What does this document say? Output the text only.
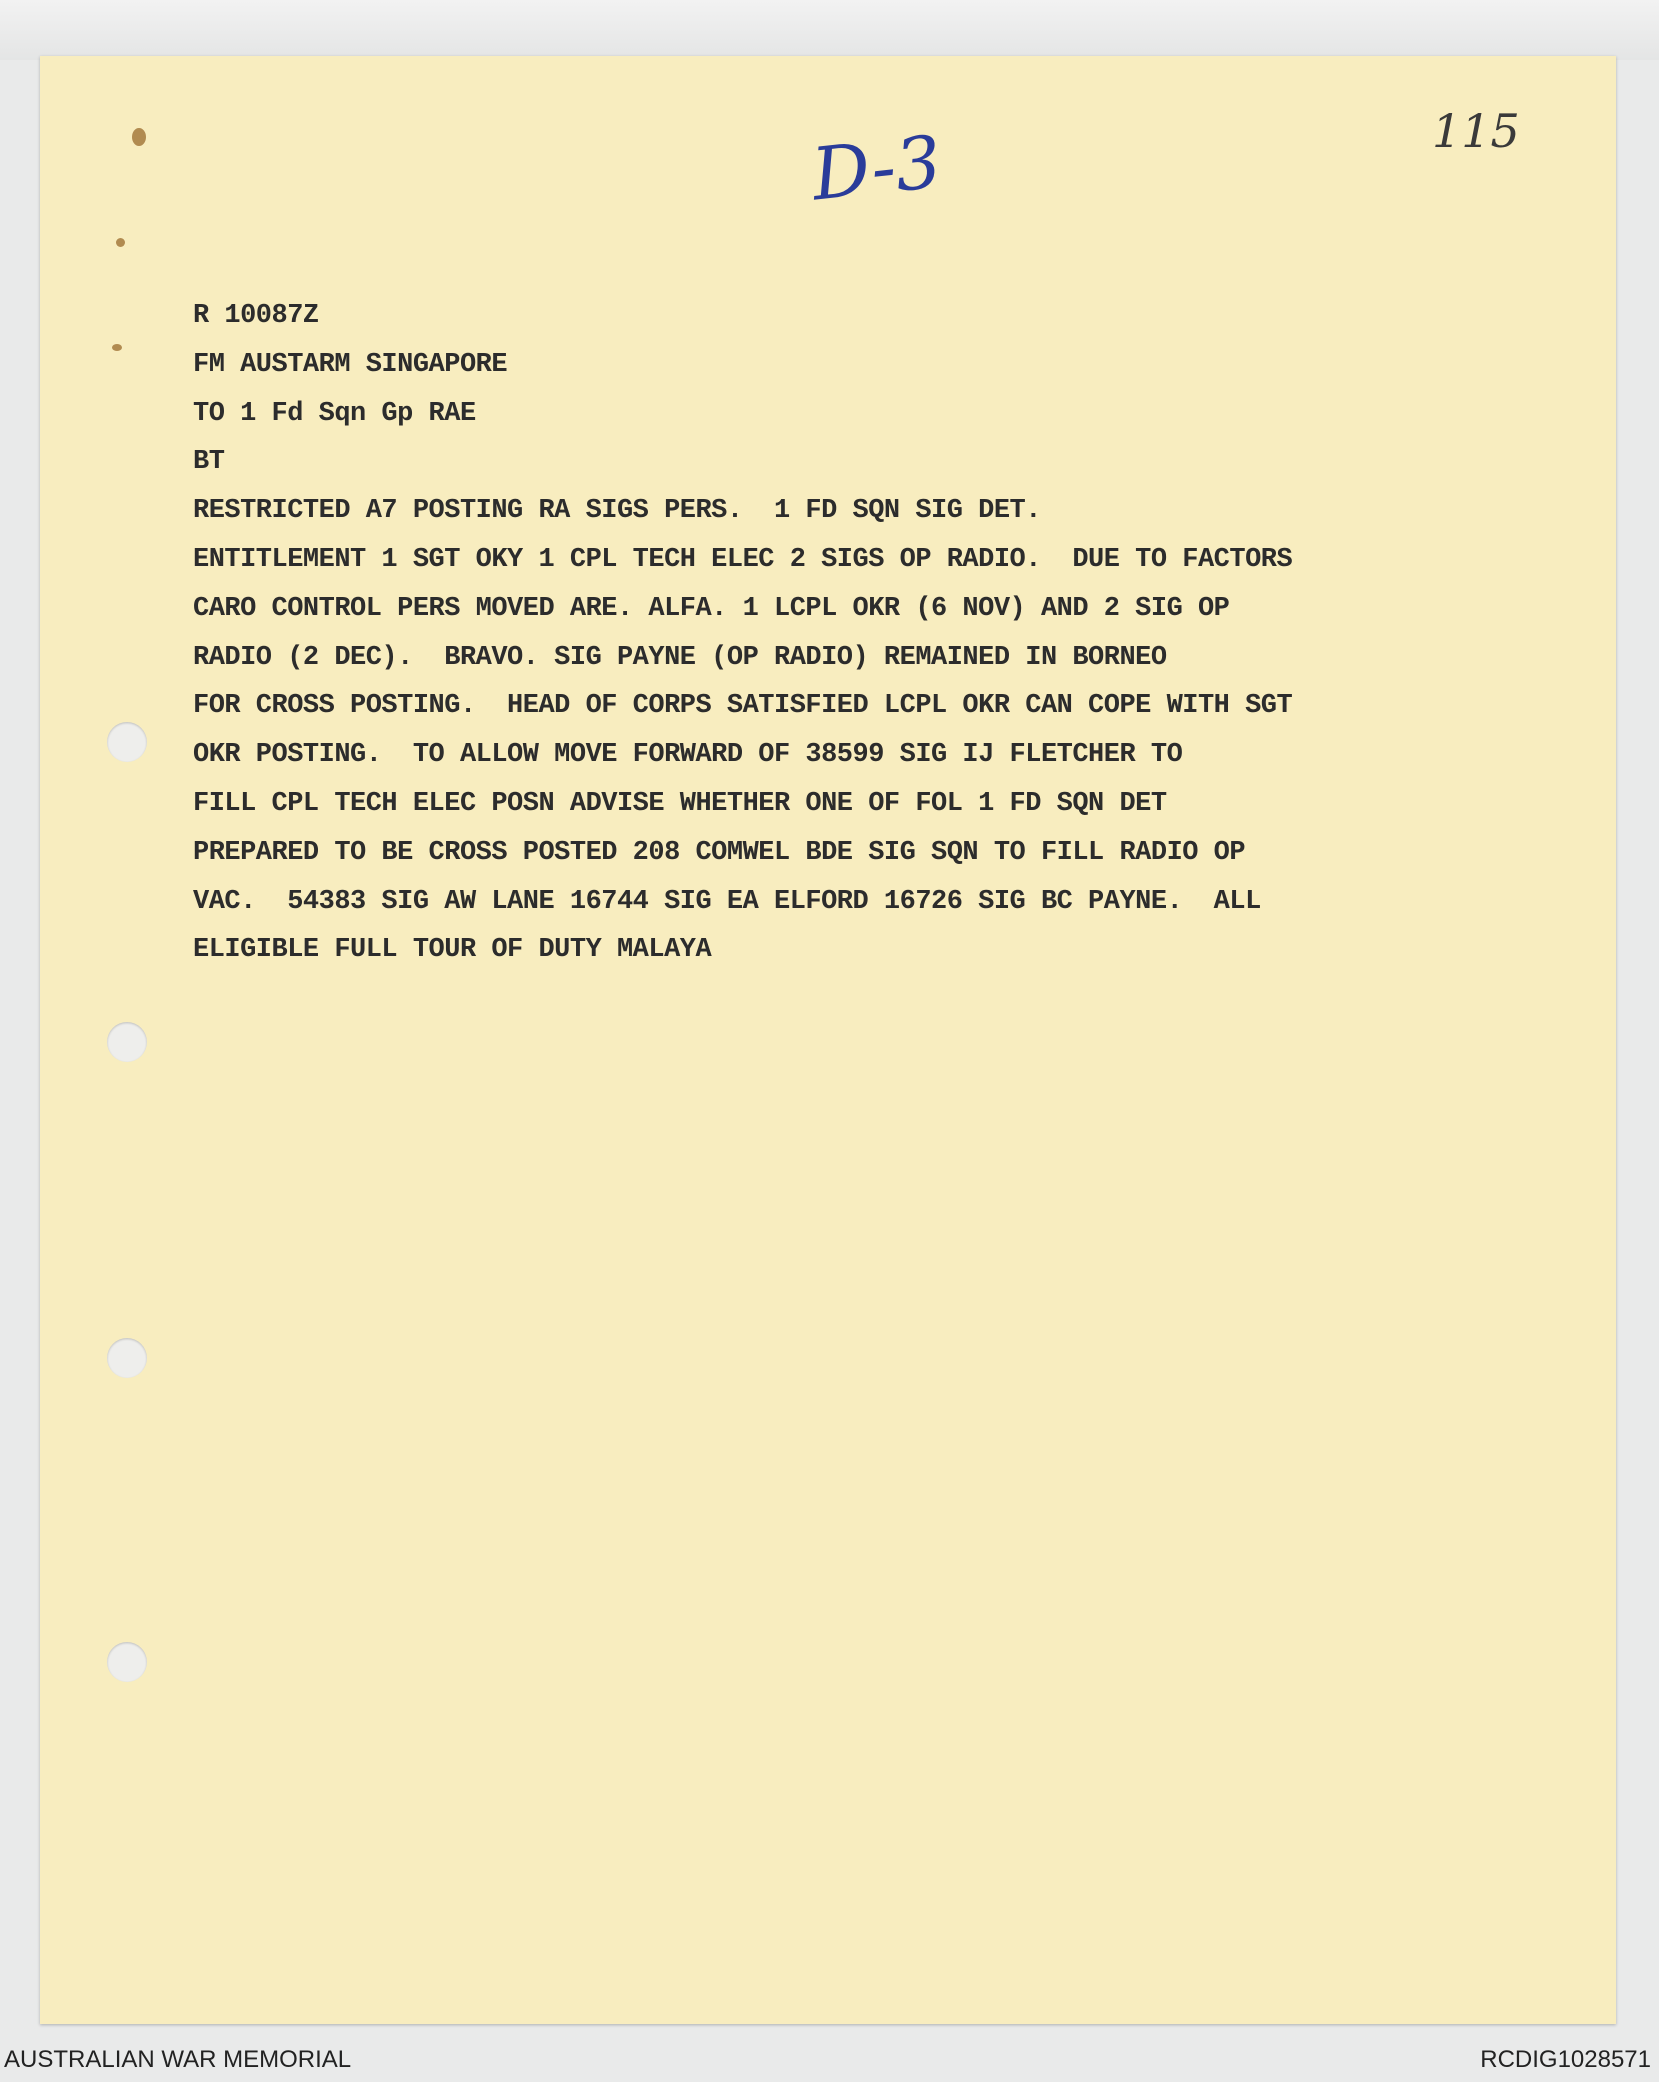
D-3	115
R 10087Z
FM AUSTARM SINGAPORE
TO 1 Fd Sqn Gp RAE
BT
RESTRICTED A7 POSTING RA SIGS PERS.  1 FD SQN SIG DET.
ENTITLEMENT 1 SGT OKY 1 CPL TECH ELEC 2 SIGS OP RADIO.  DUE TO FACTORS
CARO CONTROL PERS MOVED ARE. ALFA. 1 LCPL OKR (6 NOV) AND 2 SIG OP
RADIO (2 DEC).  BRAVO. SIG PAYNE (OP RADIO) REMAINED IN BORNEO
FOR CROSS POSTING.  HEAD OF CORPS SATISFIED LCPL OKR CAN COPE WITH SGT
OKR POSTING.  TO ALLOW MOVE FORWARD OF 38599 SIG IJ FLETCHER TO
FILL CPL TECH ELEC POSN ADVISE WHETHER ONE OF FOL 1 FD SQN DET
PREPARED TO BE CROSS POSTED 208 COMWEL BDE SIG SQN TO FILL RADIO OP
VAC.  54383 SIG AW LANE 16744 SIG EA ELFORD 16726 SIG BC PAYNE.  ALL
ELIGIBLE FULL TOUR OF DUTY MALAYA
AUSTRALIAN WAR MEMORIAL	RCDIG1028571
